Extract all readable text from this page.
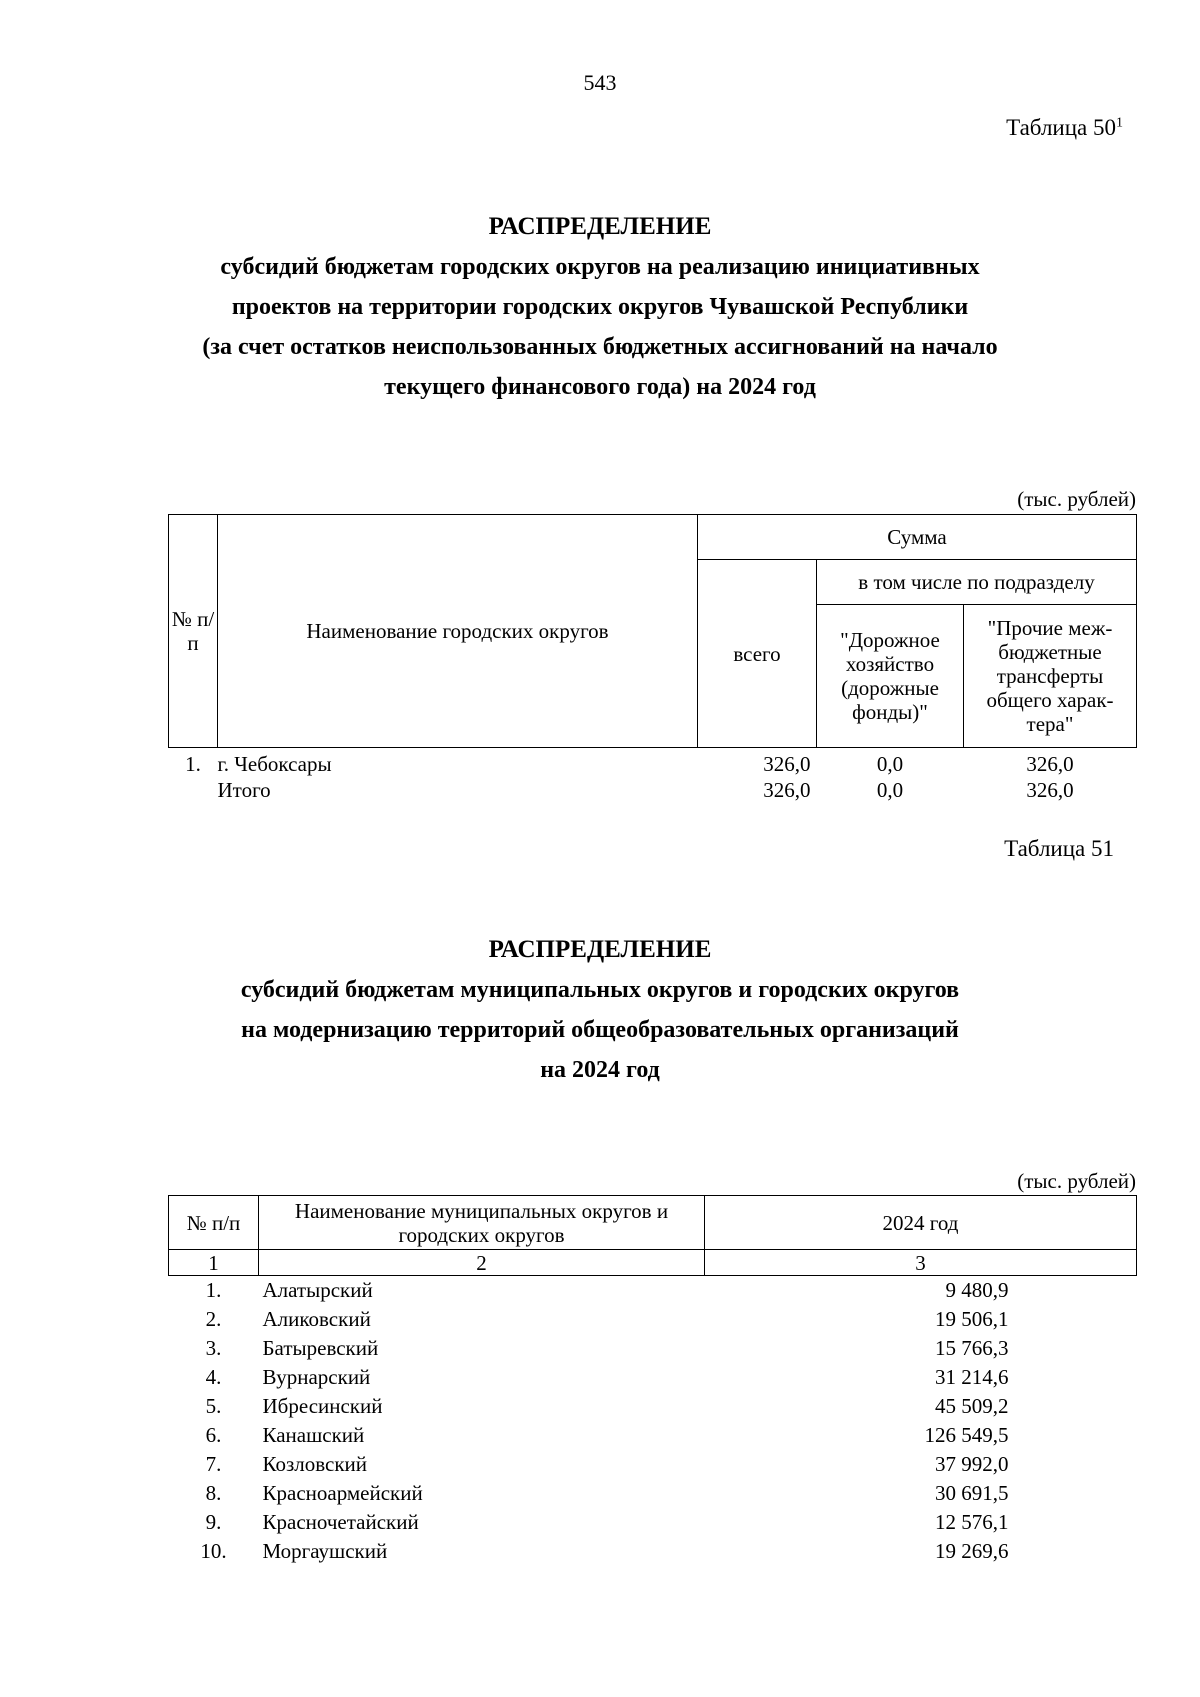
543
Таблица $50^1$
РАСПРЕДЕЛЕНИЕ
субсидий бюджетам городских округов на реализацию инициативных
проектов на территории городских округов Чувашской Республики
(за счет остатков неиспользованных бюджетных ассигнований на начало
текущего финансового года) на 2024 год
(тыс. рублей)
№ п/п	Наименование городских округов	Сумма		
		всего	в том числе по подразделу	
			"Дорожное хозяйство (дорожные фонды)"	"Прочие меж-бюджетные трансферты общего харак-тера"
1.	г. Чебоксары	326,0	0,0	326,0
	Итого	326,0	0,0	326,0
Таблица 51
РАСПРЕДЕЛЕНИЕ
субсидий бюджетам муниципальных округов и городских округов
на модернизацию территорий общеобразовательных организаций
на 2024 год
(тыс. рублей)
№ п/п	Наименование муниципальных округов и городских округов	2024 год
1	2	3
1.	Алатырский	9 480,9
2.	Аликовский	19 506,1
3.	Батыревский	15 766,3
4.	Вурнарский	31 214,6
5.	Ибресинский	45 509,2
6.	Канашский	126 549,5
7.	Козловский	37 992,0
8.	Красноармейский	30 691,5
9.	Красночетайский	12 576,1
10.	Моргаушский	19 269,6
